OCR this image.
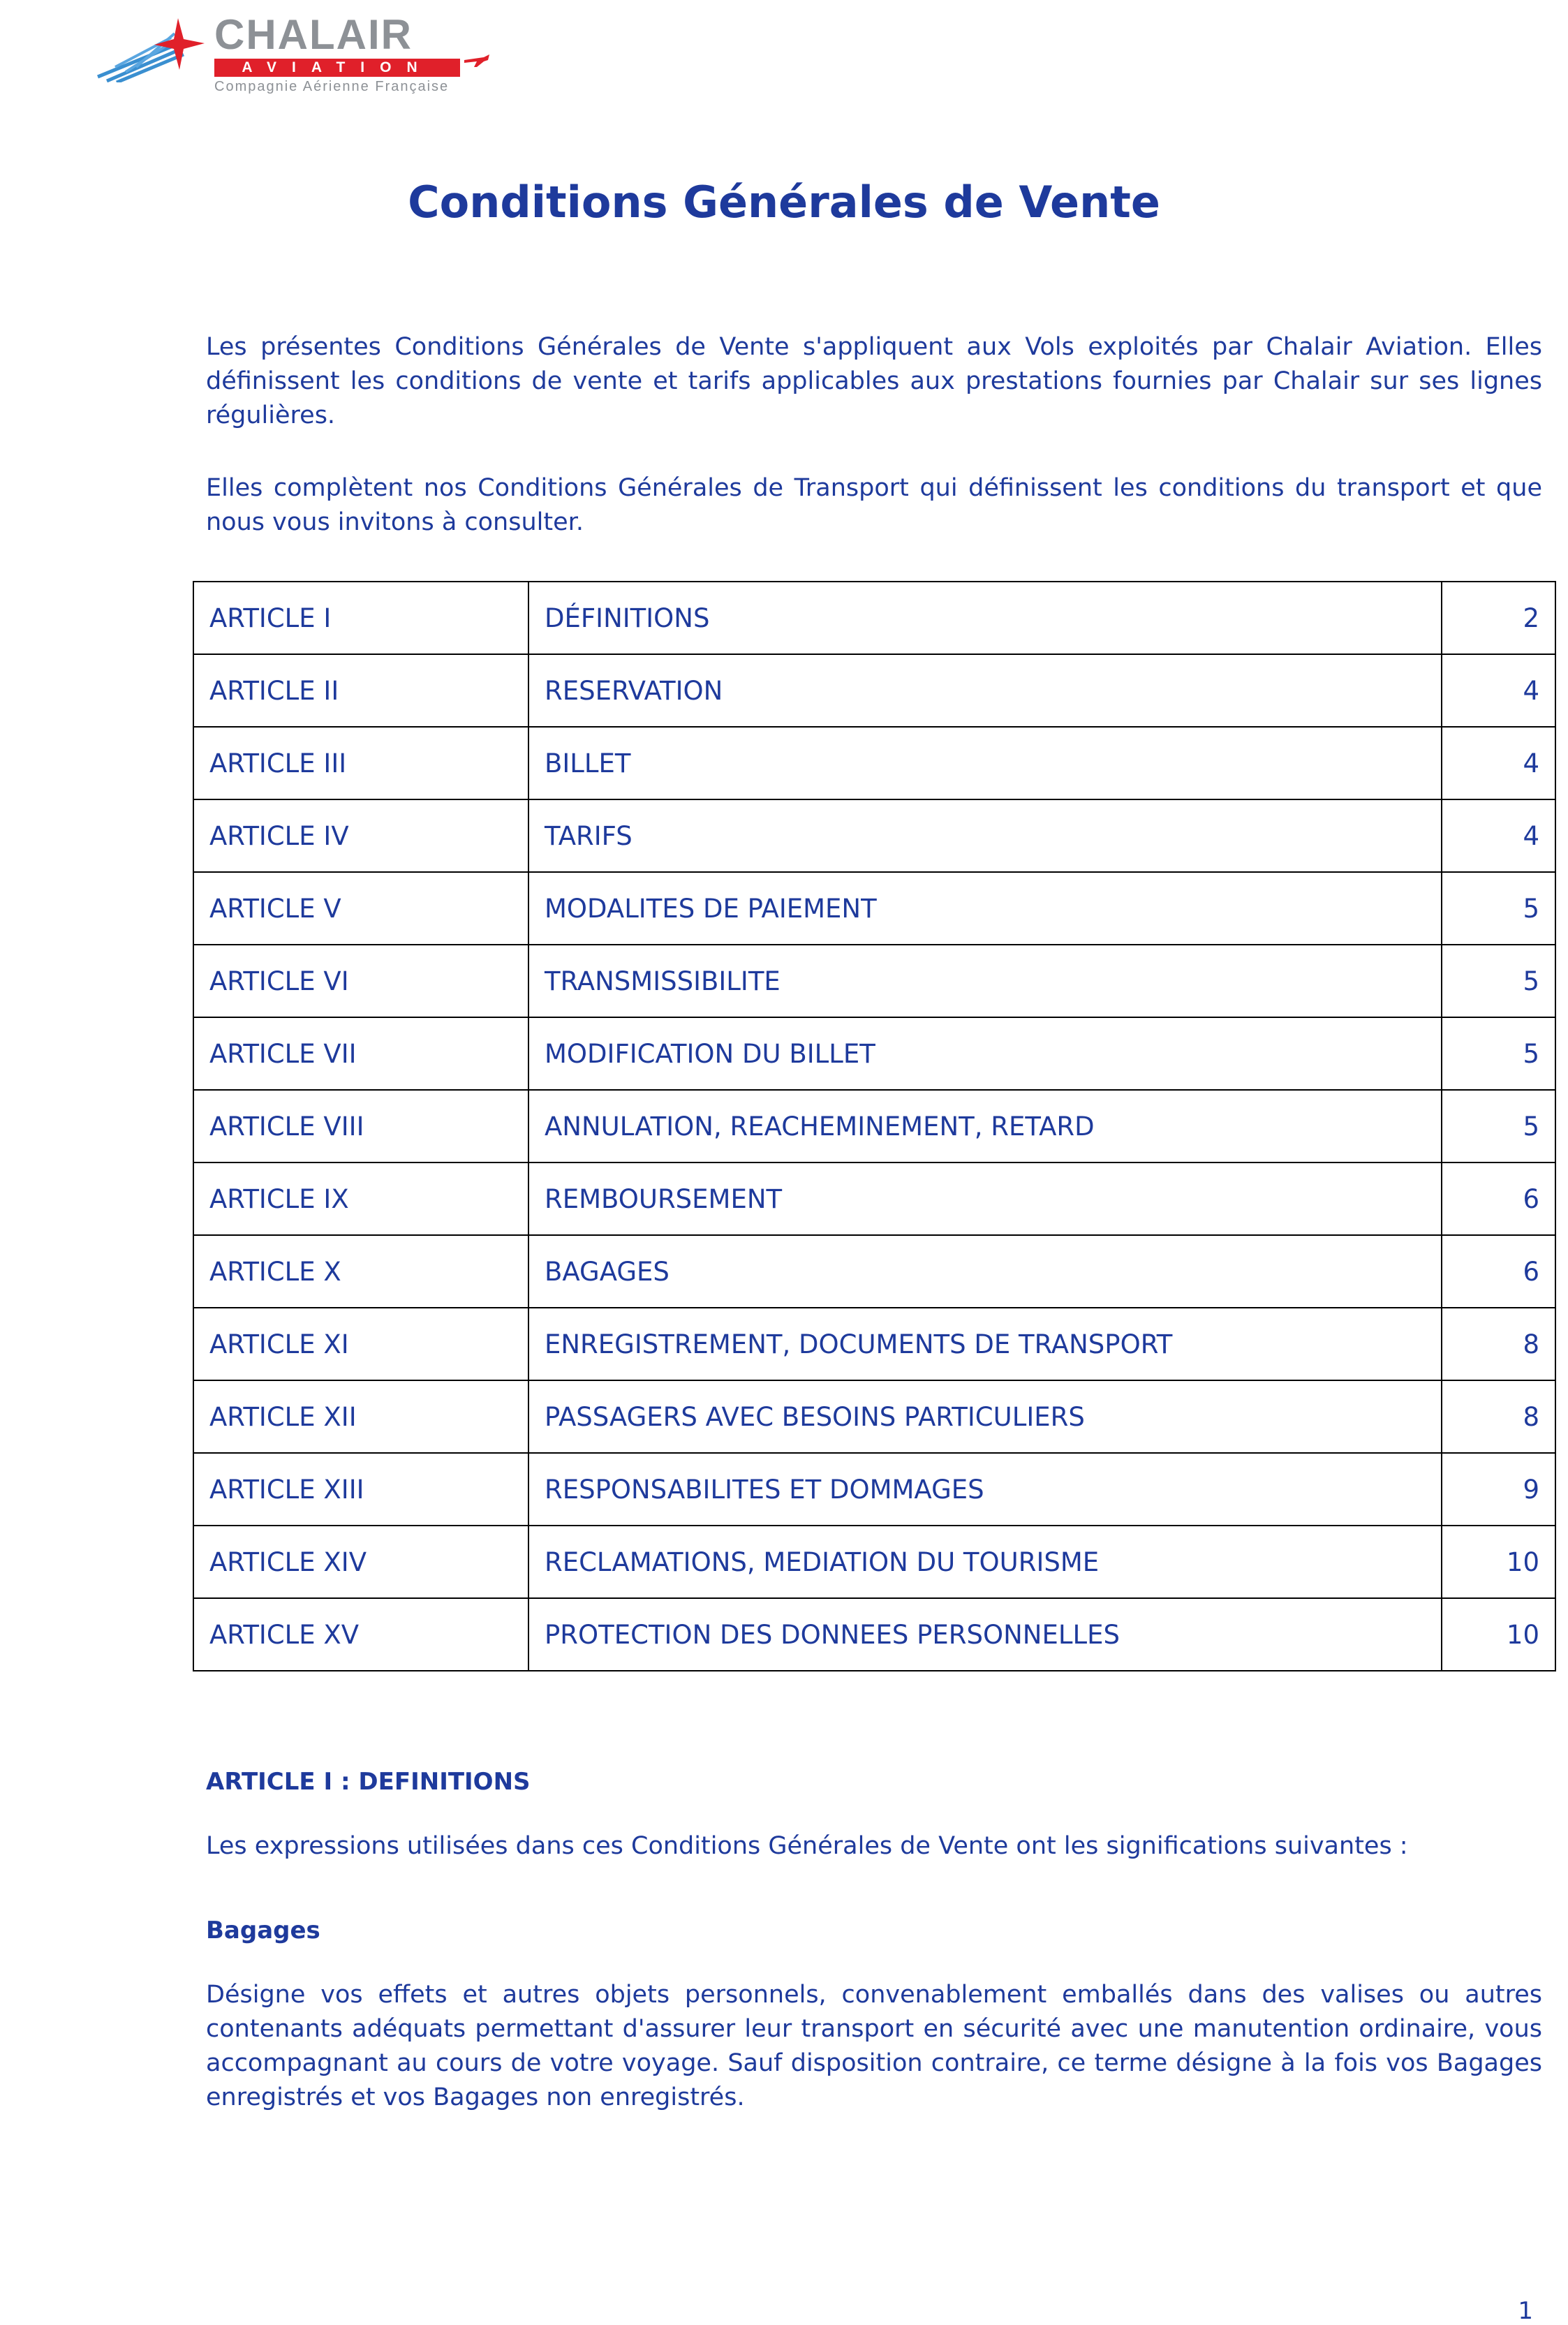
CHALAIR
AVIATION
Compagnie Aérienne Française
Conditions Générales de Vente

Les présentes Conditions Générales de Vente s'appliquent aux Vols exploités par Chalair Aviation. Elles définissent les conditions de vente et tarifs applicables aux prestations fournies par Chalair sur ses lignes régulières.

Elles complètent nos Conditions Générales de Transport qui définissent les conditions du transport et que nous vous invitons à consulter.

ARTICLE I	DÉFINITIONS	2
ARTICLE II	RESERVATION	4
ARTICLE III	BILLET	4
ARTICLE IV	TARIFS	4
ARTICLE V	MODALITES DE PAIEMENT	5
ARTICLE VI	TRANSMISSIBILITE	5
ARTICLE VII	MODIFICATION DU BILLET	5
ARTICLE VIII	ANNULATION, REACHEMINEMENT, RETARD	5
ARTICLE IX	REMBOURSEMENT	6
ARTICLE X	BAGAGES	6
ARTICLE XI	ENREGISTREMENT, DOCUMENTS DE TRANSPORT	8
ARTICLE XII	PASSAGERS AVEC BESOINS PARTICULIERS	8
ARTICLE XIII	RESPONSABILITES ET DOMMAGES	9
ARTICLE XIV	RECLAMATIONS, MEDIATION DU TOURISME	10
ARTICLE XV	PROTECTION DES DONNEES PERSONNELLES	10
ARTICLE I : DEFINITIONS

Les expressions utilisées dans ces Conditions Générales de Vente ont les significations suivantes :

Bagages

Désigne vos effets et autres objets personnels, convenablement emballés dans des valises ou autres contenants adéquats permettant d'assurer leur transport en sécurité avec une manutention ordinaire, vous accompagnant au cours de votre voyage. Sauf disposition contraire, ce terme désigne à la fois vos Bagages enregistrés et vos Bagages non enregistrés.

1
